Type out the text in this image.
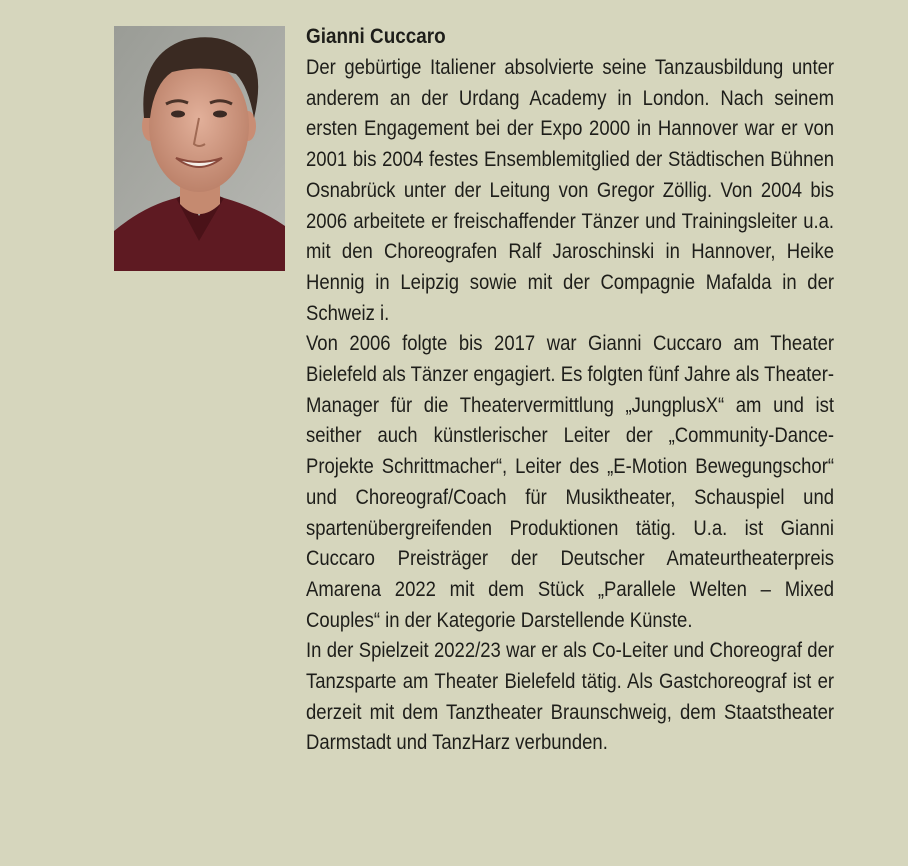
Gianni Cuccaro
Der gebürtige Italiener absolvierte seine Tanzausbildung unter anderem an der Urdang Academy in London. Nach seinem ersten Engagement bei der Expo 2000 in Hannover war er von 2001 bis 2004 festes Ensemblemitglied der Städtischen Bühnen Osnabrück unter der Leitung von Gregor Zöllig. Von 2004 bis 2006 arbeitete er freischaffender Tänzer und Trainingsleiter u.a. mit den Choreografen Ralf Jaroschinski in Hannover, Heike Hennig in Leipzig sowie mit der Compagnie Mafalda in der Schweiz i.
Von 2006 folgte bis 2017 war Gianni Cuccaro am Theater Bielefeld als Tänzer engagiert. Es folgten fünf Jahre als Theater-Manager für die Theatervermittlung „JungplusX“ am und ist seither auch künstlerischer Leiter der „Community-Dance-Projekte Schrittmacher“, Leiter des „E-Motion Bewegungschor“ und Choreograf/Coach für Musiktheater, Schauspiel und spartenübergreifenden Produktionen tätig. U.a. ist Gianni Cuccaro Preisträger der Deutscher Amateurtheaterpreis Amarena 2022 mit dem Stück „Parallele Welten – Mixed Couples“ in der Kategorie Darstellende Künste.
In der Spielzeit 2022/23 war er als Co-Leiter und Choreograf der Tanzsparte am Theater Bielefeld tätig. Als Gastchoreograf ist er derzeit mit dem Tanztheater Braunschweig, dem Staatstheater Darmstadt und TanzHarz verbunden.
